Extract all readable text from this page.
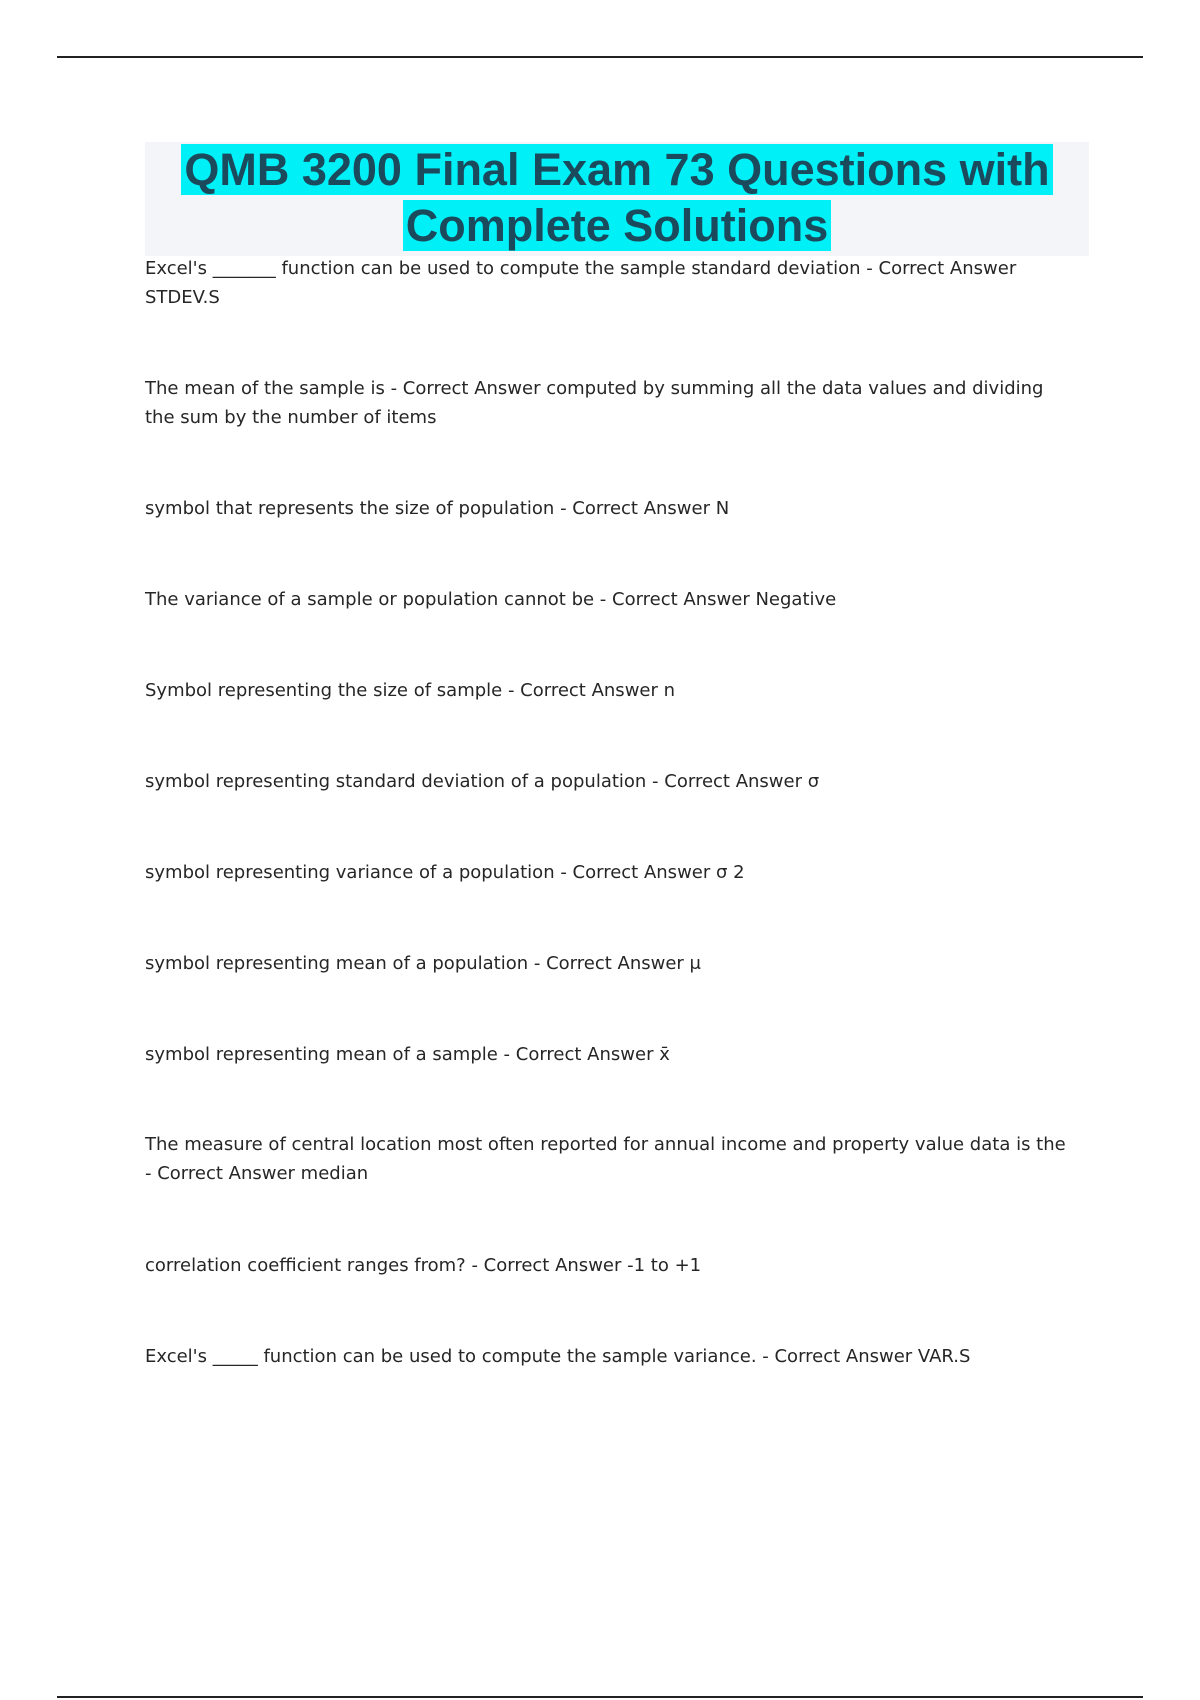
QMB 3200 Final Exam 73 Questions with
Complete Solutions
Excel's _______ function can be used to compute the sample standard deviation - Correct Answer STDEV.S
The mean of the sample is - Correct Answer computed by summing all the data values and dividing the sum by the number of items
symbol that represents the size of population - Correct Answer N
The variance of a sample or population cannot be - Correct Answer Negative
Symbol representing the size of sample - Correct Answer n
symbol representing standard deviation of a population - Correct Answer σ
symbol representing variance of a population - Correct Answer σ 2
symbol representing mean of a population - Correct Answer μ
symbol representing mean of a sample - Correct Answer x̄
The measure of central location most often reported for annual income and property value data is the - Correct Answer median
correlation coefficient ranges from? - Correct Answer -1 to +1
Excel's _____ function can be used to compute the sample variance. - Correct Answer VAR.S
